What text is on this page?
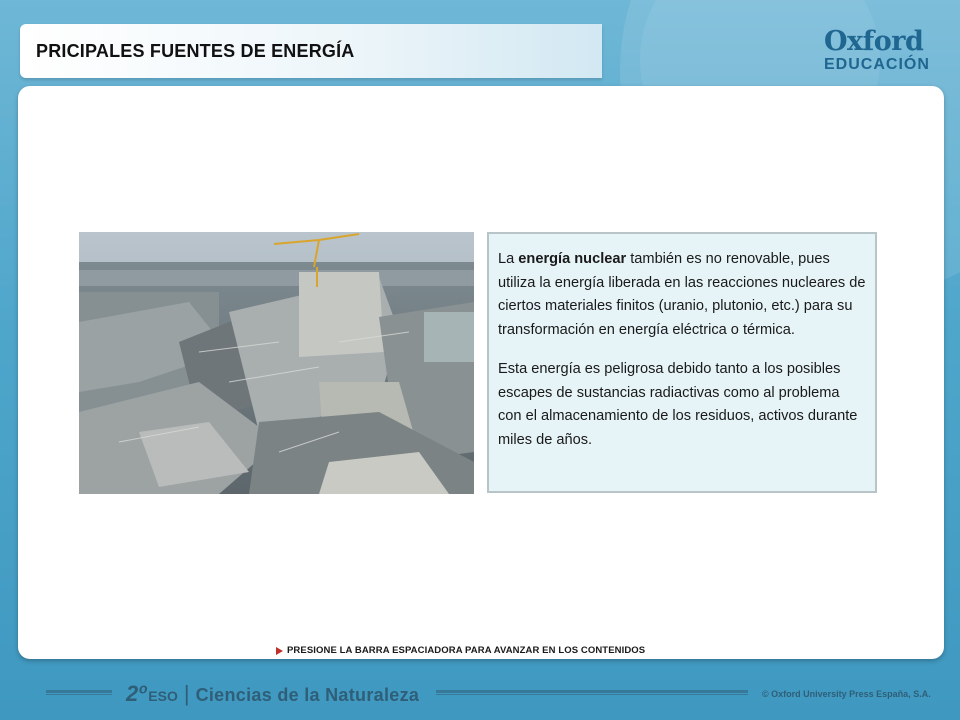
PRICIPALES FUENTES DE ENERGÍA	Oxford
EDUCACIÓN

La energía nuclear también es no renovable, pues utiliza la energía liberada en las reacciones nucleares de ciertos materiales finitos (uranio, plutonio, etc.) para su transformación en energía eléctrica o térmica.

Esta energía es peligrosa debido tanto a los posibles escapes de sustancias radiactivas como al problema con el almacenamiento de los residuos, activos durante miles de años.

PRESIONE LA BARRA ESPACIADORA PARA AVANZAR EN LOS CONTENIDOS
2º ESO | Ciencias de la Naturaleza	© Oxford University Press España, S.A.
